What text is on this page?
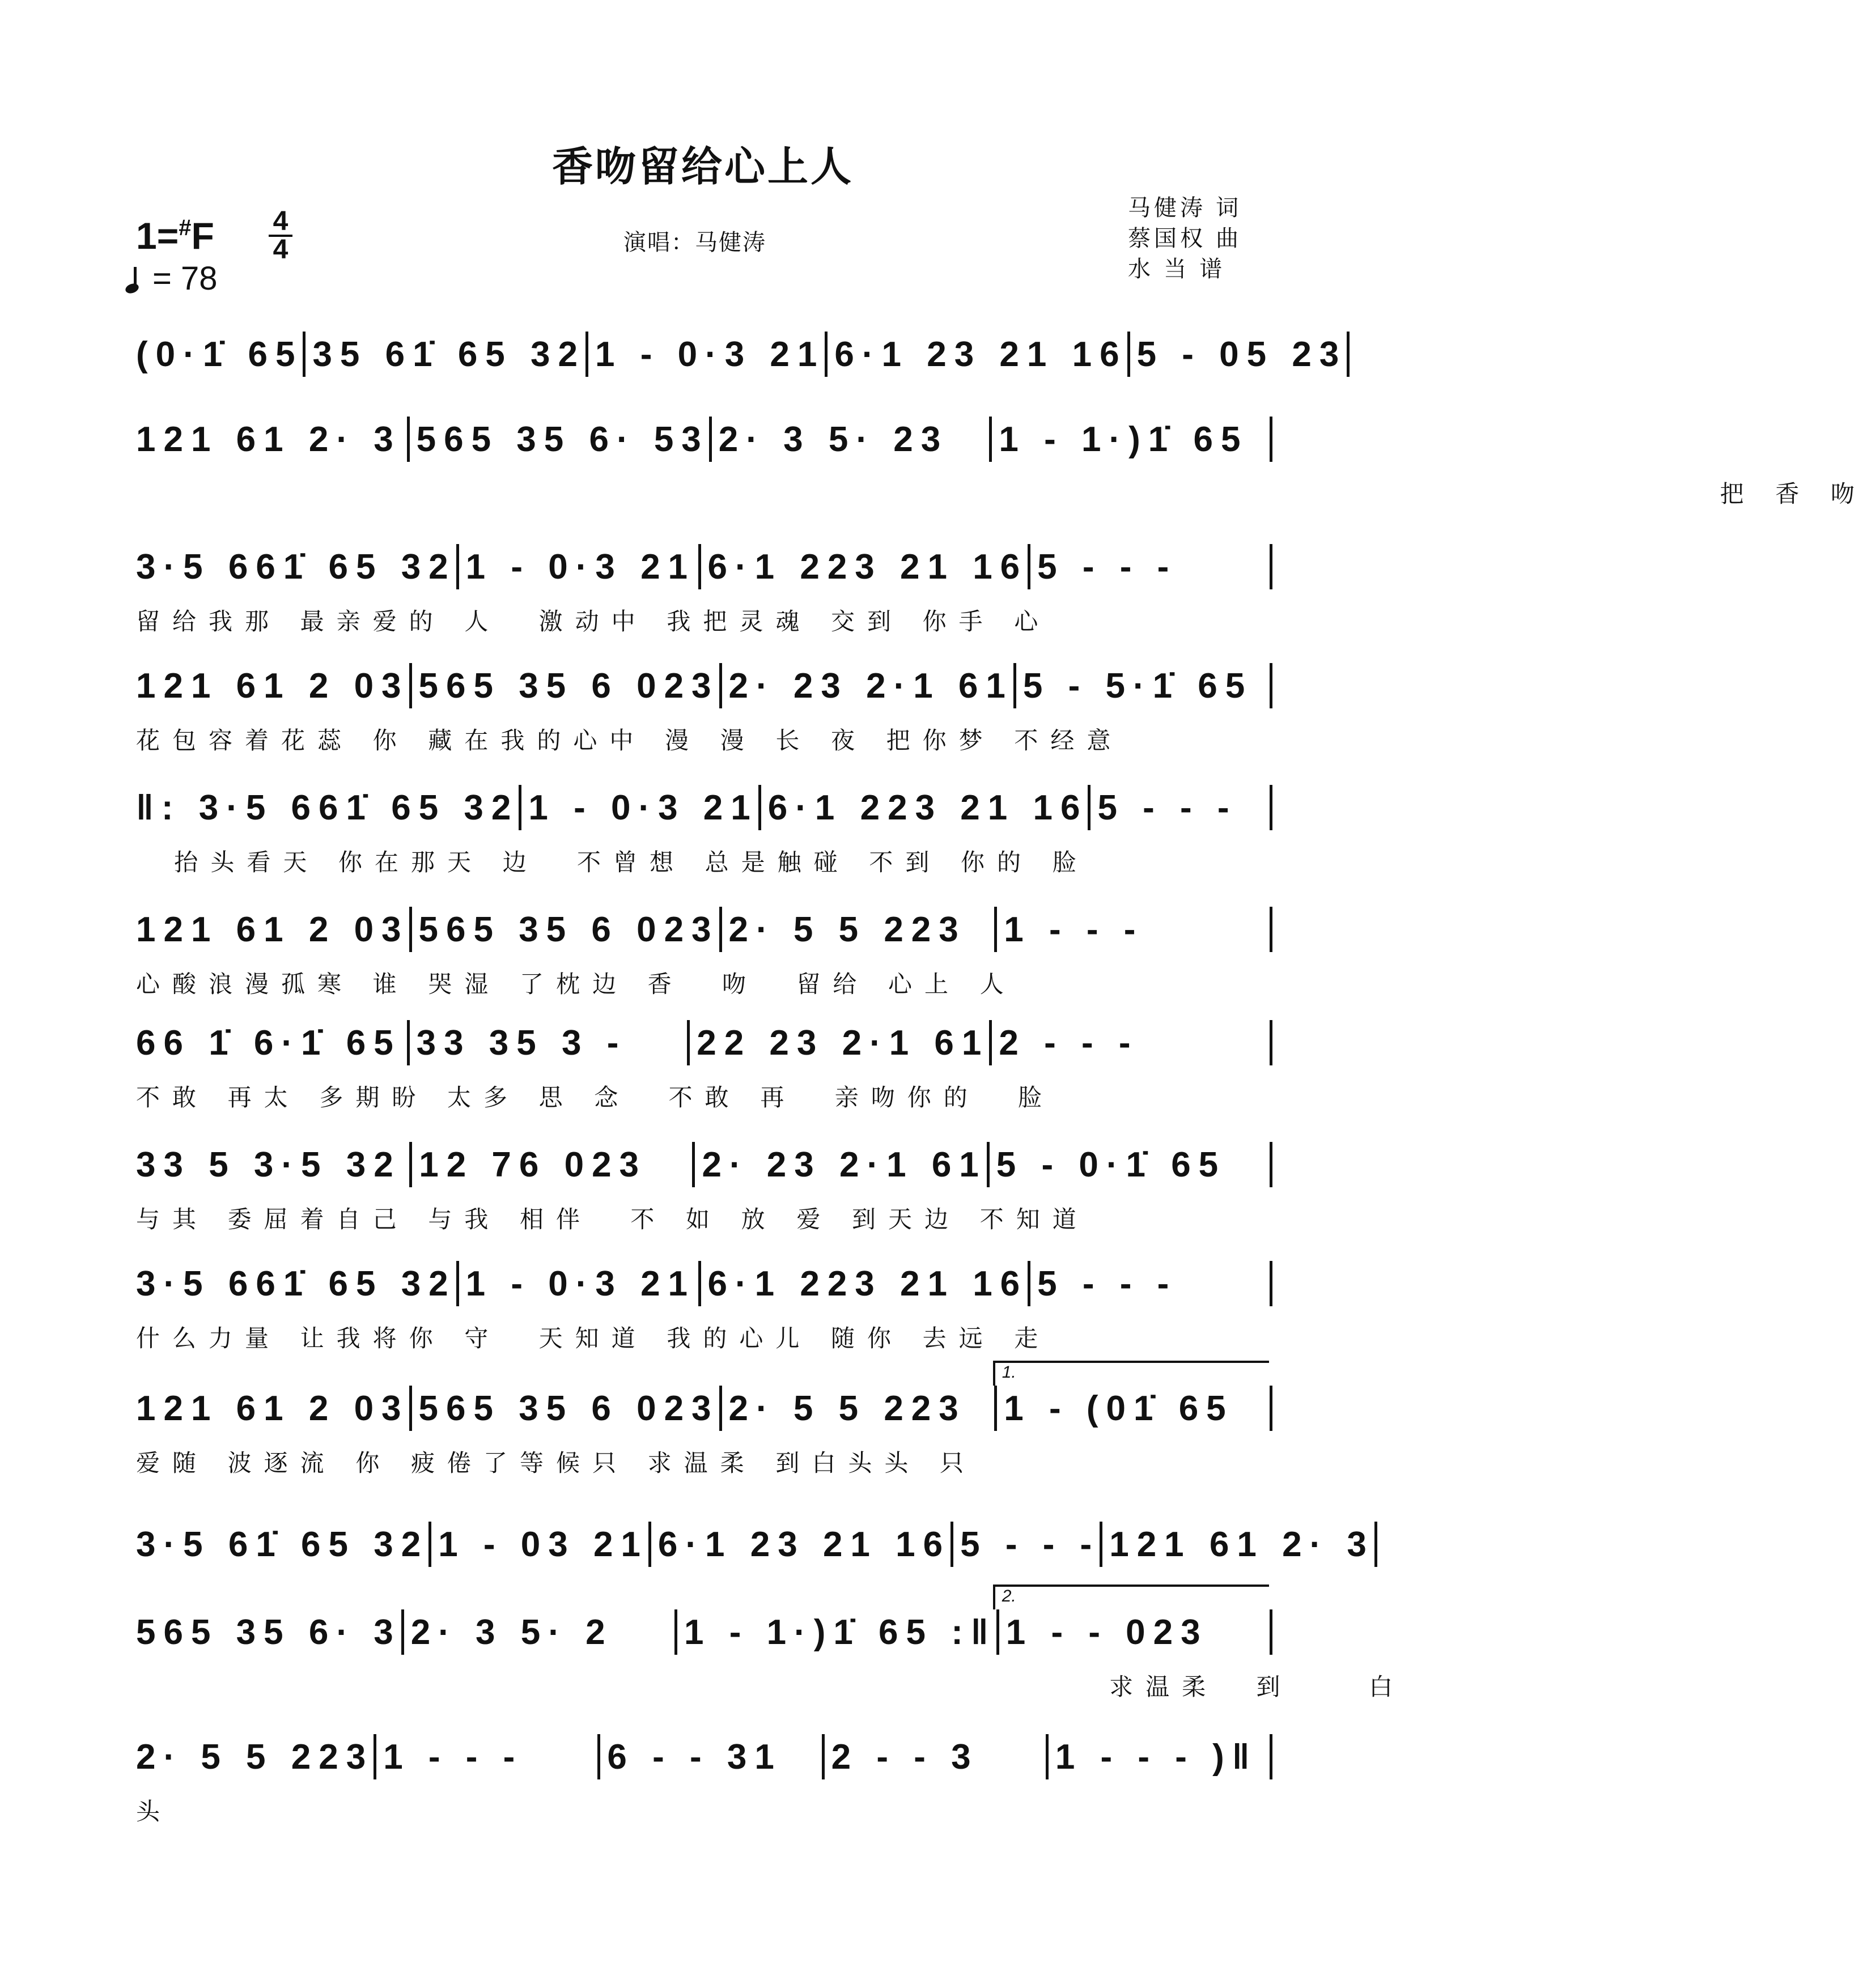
香吻留给心上人
马健涛 词
蔡国权 曲
水 当 谱
演唱：马健涛
1=#F 4
4
= 78
(0·1̇ 65 35 61̇ 65 32 1 - 0·3 21 6·1 23 21 16 5 - 05 23
121 61 2· 3 565 35 6· 53 2· 3 5· 23	1 - 1·)1̇ 65
把 香 吻
3·5 661̇ 65 32 1 - 0·3 21 6·1 223 21 16 5 - - -
留给我那 最亲爱的 人  激动中 我把灵魂 交到 你手 心
121 61 2 03 565 35 6 023 2· 23 2·1 61 5 - 5·1̇ 65
花包容着花蕊 你 藏在我的心中 漫 漫 长 夜 把你梦 不经意
‖: 3·5 661̇ 65 32 1 - 0·3 21 6·1 223 21 16 5 - - -
抬头看天 你在那天 边  不曾想 总是触碰 不到 你的 脸
121 61 2 03 565 35 6 023 2· 5 5 223	1 - - -
心酸浪漫孤寒 谁 哭湿 了枕边 香  吻  留给 心上 人
66 1̇ 6·1̇ 65 33 35 3 -	22 23 2·1 61 2 - - -
不敢 再太 多期盼 太多 思 念  不敢 再  亲吻你的  脸
33 5 3·5 32 12 76 023	2· 23 2·1 61 5 - 0·1̇ 65
与其 委屈着自己 与我 相伴  不 如 放 爱 到天边 不知道
3·5 661̇ 65 32 1 - 0·3 21 6·1 223 21 16 5 - - -
什么力量 让我将你 守  天知道 我的心儿 随你 去远 走
121 61 2 03 565 35 6 023 2· 5 5 223	1 - (01̇ 65
1.
爱随 波逐流 你 疲倦了等候只 求温柔 到白头头 只
3·5 61̇ 65 32 1 - 03 21 6·1 23 21 16 5 - - - 121 61 2· 3
565 35 6· 3 2· 3 5· 2	1 - 1·)1̇ 65 :‖ 1 - - 023
2.
求温柔  到    白
2· 5 5 223 1 - - -	6 - - 31	2 - - 3	1 - - - )‖
头
